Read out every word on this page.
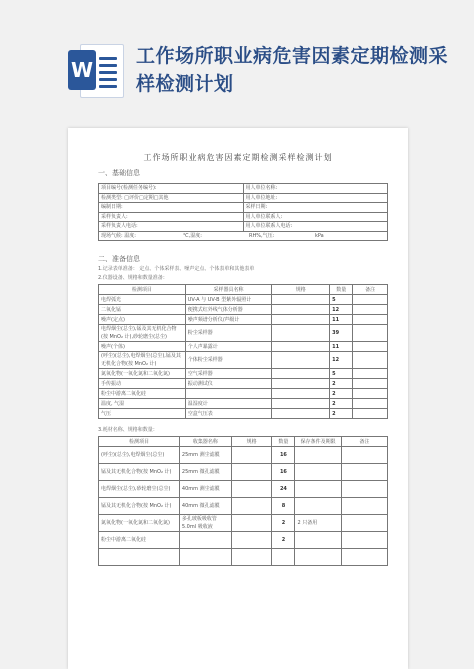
W
工作场所职业病危害因素定期检测采样检测计划
工作场所职业病危害因素定期检测采样检测计划
一、基础信息
项目编号(检测任务编号):	用人单位名称:
检测类型: □评价□定期□其他	用人单位地址:
编制日期:	采样日期:
采样负责人:	用人单位联系人:
采样负责人电话:	用人单位联系人电话:
现场气候: 温度: ℃,湿度: RH%,气压: kPa	
二、准备信息
1.记录表单准备： 定点、个体采样表、噪声定点、个体表单和其他表单
2.仪器设备、规格和数量准备：
检测项目	采样器具名称	规格	数量	备注
电焊弧光	UV-A 与 UV-B 型紫外辐照计		5	
二氧化锰	便携式红外线气体分析器		12	
噪声(定点)	噪声频谱分析仪/声级计		11	
电焊烟尘(总尘),锰及其无机化合物(按 MnO₂ 计),砂轮磨尘(总尘)	粉尘采样器		39	
噪声(个体)	个人声暴露计		11	
(呼尘)(总尘),电焊烟尘(总尘),锰及其无机化合物(按 MnO₂ 计)	个体粉尘采样器		12	
氮氧化物(一氧化氮和二氧化氮)	空气采样器		5	
手传振动	振动测试仪		2	
粉尘中游离二氧化硅			2	
温度, 气湿	温湿度计		2	
气压	空盒气压表		2	
3.耗材名称、规格和数量：
检测项目	收集器名称	规格	数量	保存条件及期限	备注
(呼尘)(总尘),电焊烟尘(总尘)	25mm 测尘滤膜		16		
锰及其无机化合物(按 MnO₂ 计)	25mm 微孔滤膜		16		
电焊烟尘(总尘),砂轮磨尘(总尘)	40mm 测尘滤膜		24		
锰及其无机化合物(按 MnO₂ 计)	40mm 微孔滤膜		8		
氮氧化物(一氧化氮和二氧化氮)	多孔玻板吸收管 5.0ml 吸收液		2	2 只备用	
粉尘中游离二氧化硅			2		
